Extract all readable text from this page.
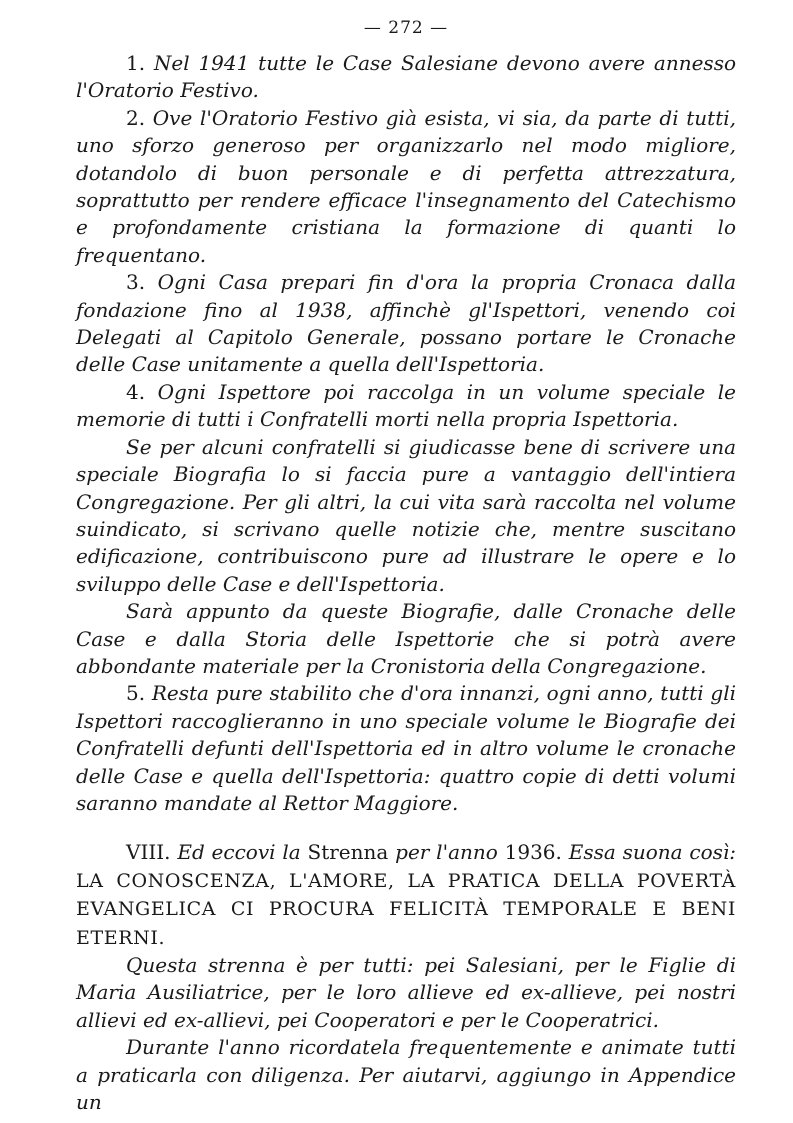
— 272 —

1. Nel 1941 tutte le Case Salesiane devono avere annesso l'Oratorio Festivo.

2. Ove l'Oratorio Festivo già esista, vi sia, da parte di tutti, uno sforzo generoso per organizzarlo nel modo migliore, dotandolo di buon personale e di perfetta attrezzatura, soprattutto per rendere efficace l'insegnamento del Catechismo e profondamente cristiana la formazione di quanti lo frequentano.

3. Ogni Casa prepari fin d'ora la propria Cronaca dalla fondazione fino al 1938, affinchè gl'Ispettori, venendo coi Delegati al Capitolo Generale, possano portare le Cronache delle Case unitamente a quella dell'Ispettoria.

4. Ogni Ispettore poi raccolga in un volume speciale le memorie di tutti i Confratelli morti nella propria Ispettoria.

Se per alcuni confratelli si giudicasse bene di scrivere una speciale Biografia lo si faccia pure a vantaggio dell'intiera Congregazione. Per gli altri, la cui vita sarà raccolta nel volume suindicato, si scrivano quelle notizie che, mentre suscitano edificazione, contribuiscono pure ad illustrare le opere e lo sviluppo delle Case e dell'Ispettoria.

Sarà appunto da queste Biografie, dalle Cronache delle Case e dalla Storia delle Ispettorie che si potrà avere abbondante materiale per la Cronistoria della Congregazione.

5. Resta pure stabilito che d'ora innanzi, ogni anno, tutti gli Ispettori raccoglieranno in uno speciale volume le Biografie dei Confratelli defunti dell'Ispettoria ed in altro volume le cronache delle Case e quella dell'Ispettoria: quattro copie di detti volumi saranno mandate al Rettor Maggiore.

VIII. Ed eccovi la Strenna per l'anno 1936. Essa suona così: LA CONOSCENZA, L'AMORE, LA PRATICA DELLA POVERTÀ EVANGELICA CI PROCURA FELICITÀ TEMPORALE E BENI ETERNI.

Questa strenna è per tutti: pei Salesiani, per le Figlie di Maria Ausiliatrice, per le loro allieve ed ex-allieve, pei nostri allievi ed ex-allievi, pei Cooperatori e per le Cooperatrici.

Durante l'anno ricordatela frequentemente e animate tutti a praticarla con diligenza. Per aiutarvi, aggiungo in Appendice un
